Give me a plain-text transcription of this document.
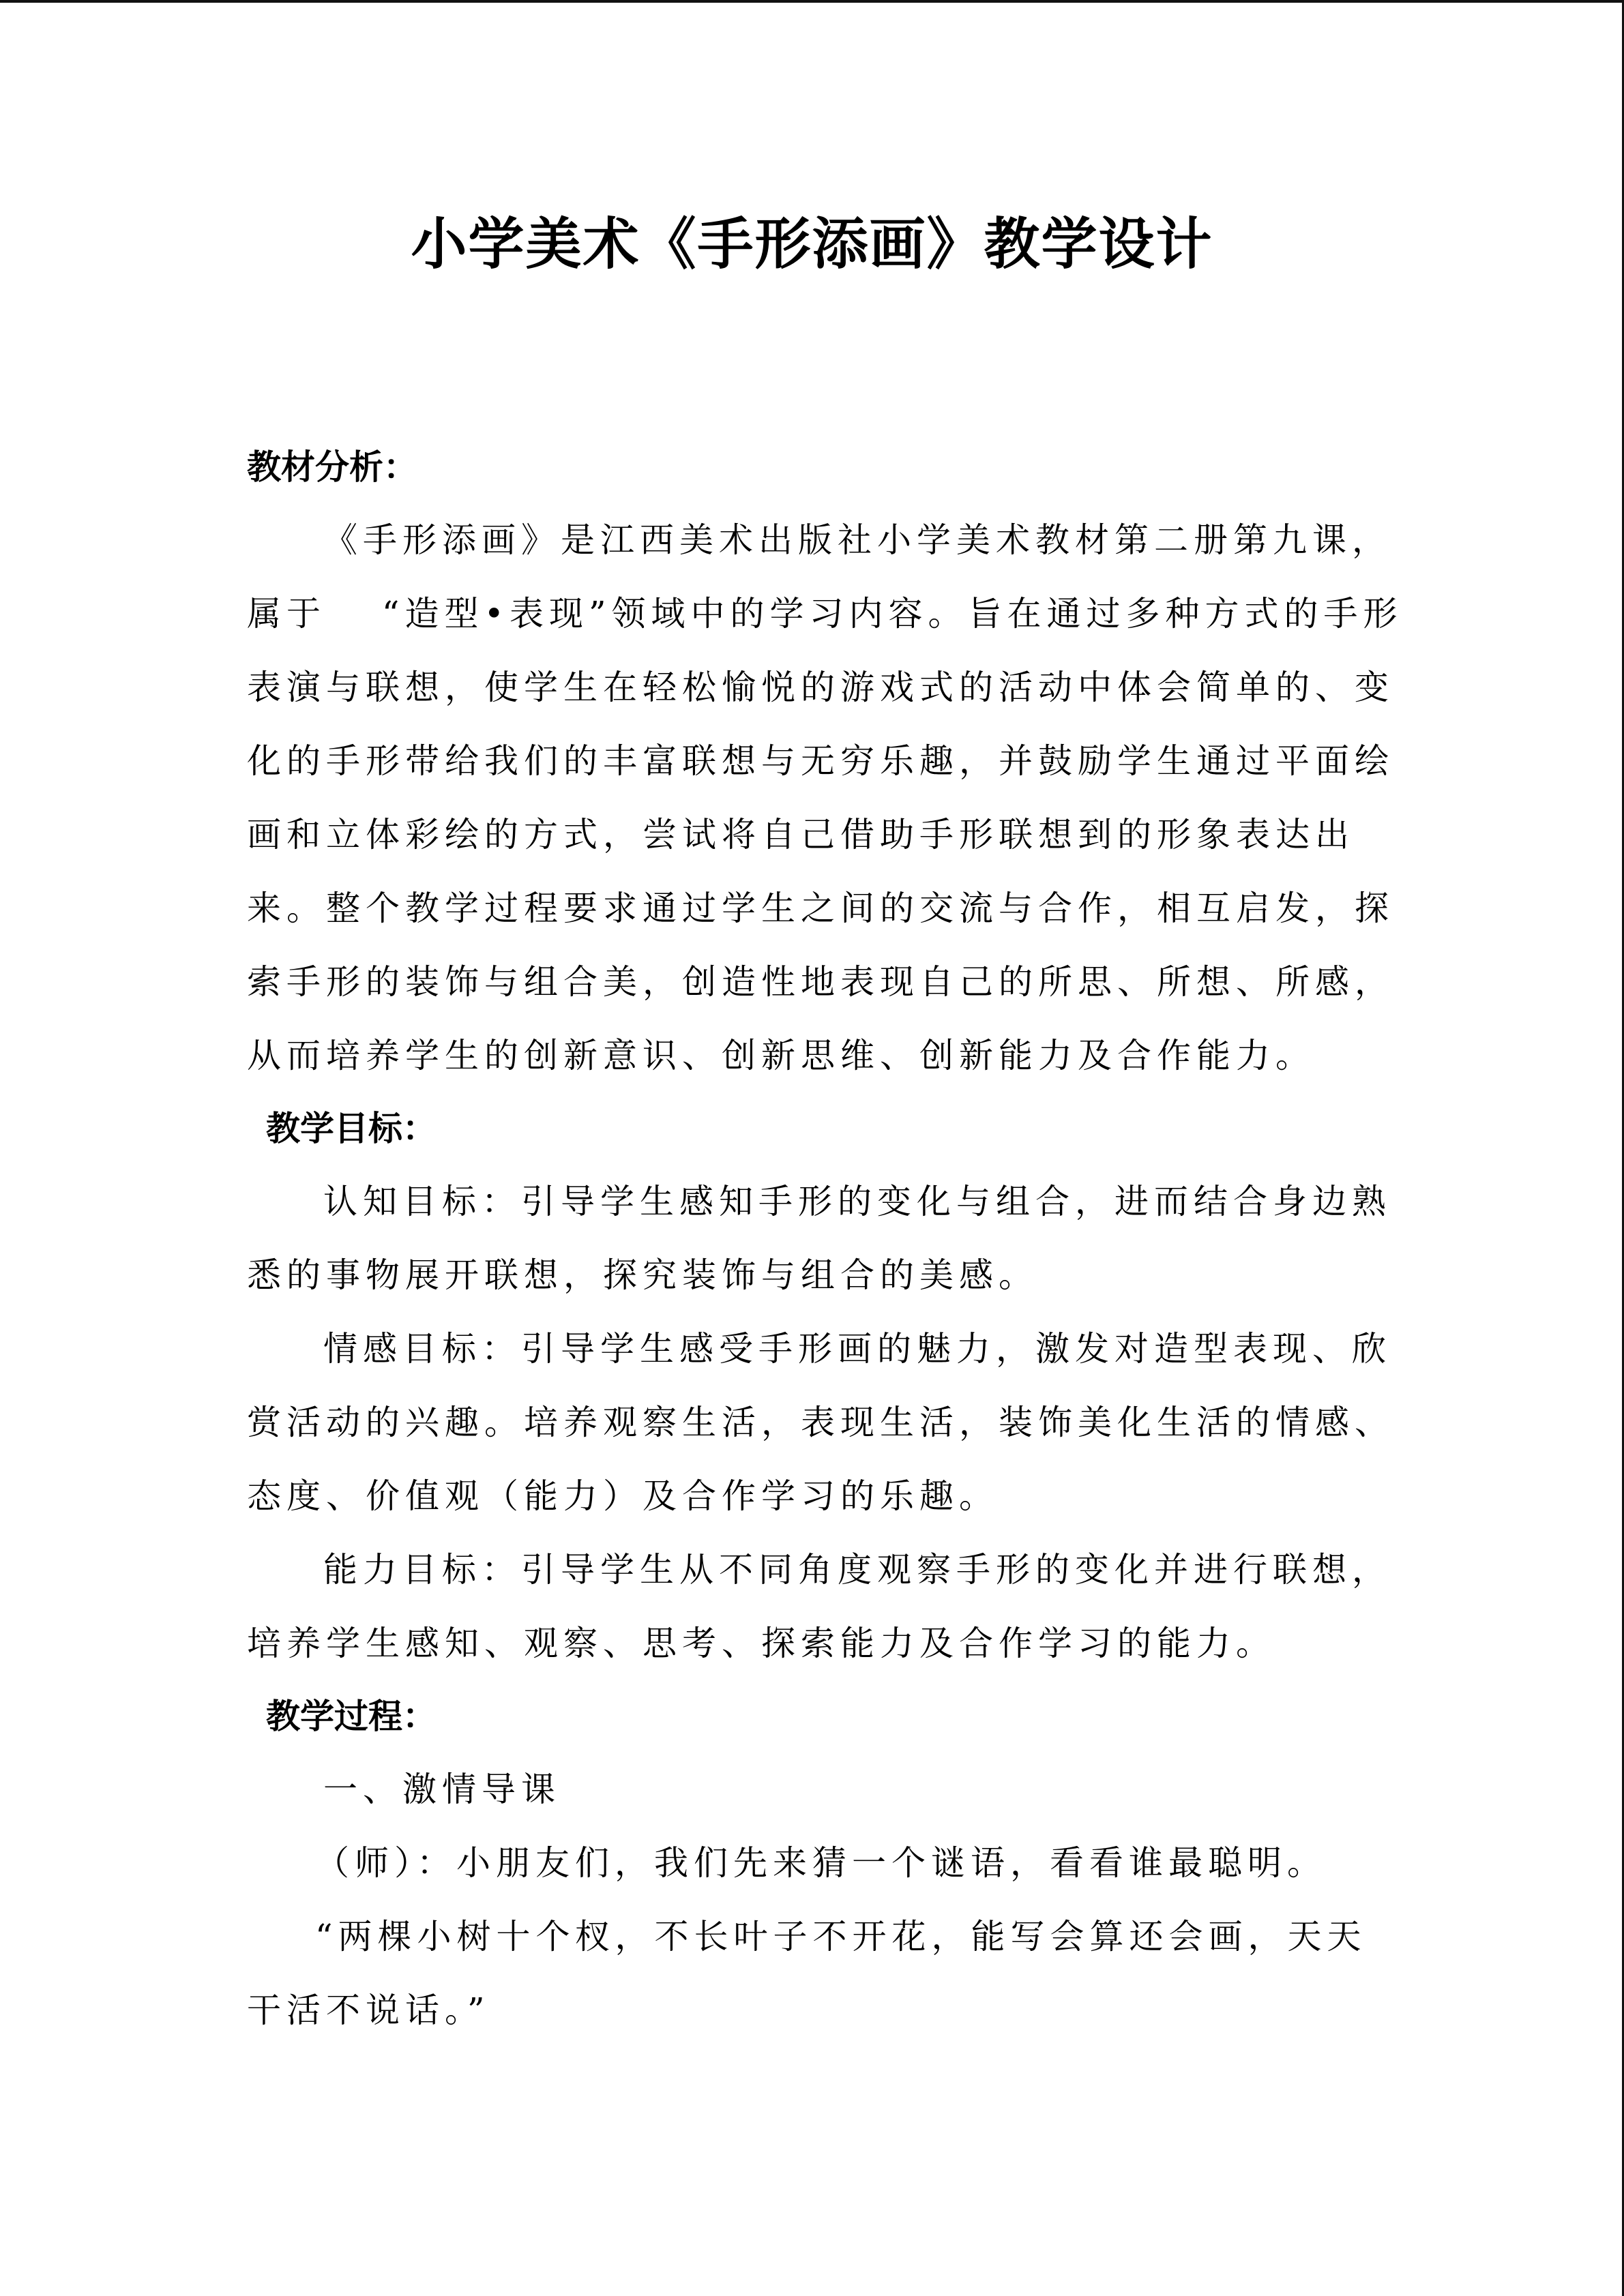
小学美术《手形添画》教学设计
教材分析：
《手形添画》是江西美术出版社小学美术教材第二册第九课，
属于　 “造型•表现”领域中的学习内容。旨在通过多种方式的手形
表演与联想，使学生在轻松愉悦的游戏式的活动中体会简单的、变
化的手形带给我们的丰富联想与无穷乐趣，并鼓励学生通过平面绘
画和立体彩绘的方式，尝试将自己借助手形联想到的形象表达出
来。整个教学过程要求通过学生之间的交流与合作，相互启发，探
索手形的装饰与组合美，创造性地表现自己的所思、所想、所感，
从而培养学生的创新意识、创新思维、创新能力及合作能力。
教学目标：
认知目标：引导学生感知手形的变化与组合，进而结合身边熟
悉的事物展开联想，探究装饰与组合的美感。
情感目标：引导学生感受手形画的魅力，激发对造型表现、欣
赏活动的兴趣。培养观察生活，表现生活，装饰美化生活的情感、
态度、价值观（能力）及合作学习的乐趣。
能力目标：引导学生从不同角度观察手形的变化并进行联想，
培养学生感知、观察、思考、探索能力及合作学习的能力。
教学过程：
一、激情导课
（师）：小朋友们，我们先来猜一个谜语，看看谁最聪明。
“两棵小树十个杈，不长叶子不开花，能写会算还会画，天天
干活不说话。”
